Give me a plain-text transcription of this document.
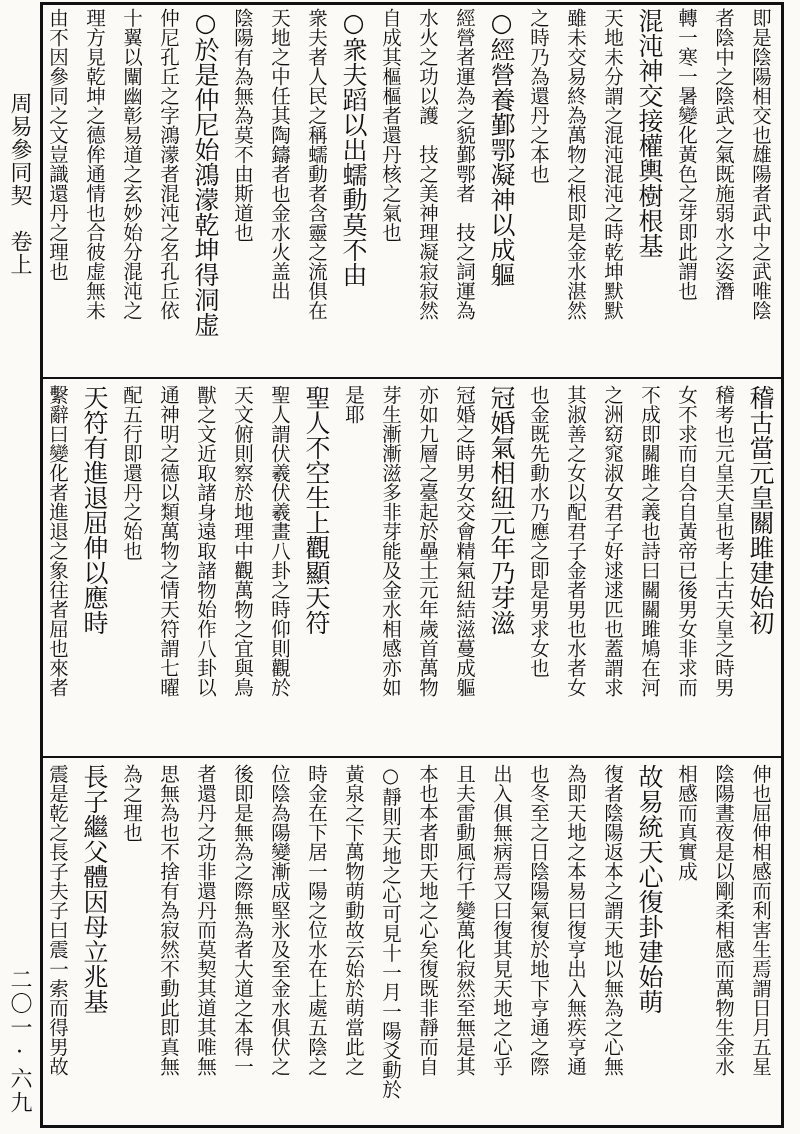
周易參同契　卷上
二〇一·六九
即是陰陽相交也雄陽者武中之武唯陰
者陰中之陰武之氣既施弱水之姿潛
轉一寒一暑變化黃色之芽即此謂也
混沌神交接權輿樹根基
天地未分謂之混沌混沌之時乾坤默默
雖未交易終為萬物之根即是金水湛然
之時乃為還丹之本也
○經營養鄞鄂凝神以成軀
經營者運為之貌鄞鄂者　技之詞運為
水火之功以護　技之美神理凝寂寂然
自成其樞樞者還丹核之氣也
○衆夫蹈以出蠕動莫不由
衆夫者人民之稱蠕動者含靈之流俱在
天地之中任其陶鑄者也金水火盖出
陰陽有為無為莫不由斯道也
○於是仲尼始鴻濛乾坤得洞虚
仲尼孔丘之字鴻濛者混沌之名孔丘依
十翼以闡幽彰易道之玄妙始分混沌之
理方見乾坤之德侔通情也合彼虚無未
由不因參同之文豈識還丹之理也
稽古當元皇關雎建始初
稽考也元皇天皇也考上古天皇之時男
女不求而自合自黃帝已後男女非求而
不成即關雎之義也詩曰關關雎鳩在河
之洲窈窕淑女君子好逑逑匹也蓋謂求
其淑善之女以配君子金者男也水者女
也金既先動水乃應之即是男求女也
冠婚氣相紐元年乃芽滋
冠婚之時男女交會精氣紐結滋蔓成軀
亦如九層之臺起於壘土元年歲首萬物
芽生漸漸滋多非芽能及金水相感亦如
是耶
聖人不空生上觀顯天符
聖人謂伏羲伏羲畫八卦之時仰則觀於
天文俯則察於地理中觀萬物之宜與鳥
獸之文近取諸身遠取諸物始作八卦以
通神明之德以類萬物之情天符謂七曜
配五行即還丹之始也
天符有進退屈伸以應時
繫辭曰變化者進退之象往者屈也來者
伸也屈伸相感而利害生焉謂日月五星
陰陽晝夜是以剛柔相感而萬物生金水
相感而真實成
故易統天心復卦建始萌
復者陰陽返本之謂天地以無為之心無
為即天地之本易曰復亨出入無疾亨通
也冬至之日陰陽氣復於地下亨通之際
出入俱無病焉又曰復其見天地之心乎
且夫雷動風行千變萬化寂然至無是其
本也本者即天地之心矣復既非靜而自
○靜則天地之心可見十一月一陽爻動於
黃泉之下萬物萌動故云始於萌當此之
時金在下居一陽之位水在上處五陰之
位陰為陽變漸成堅氷及至金水俱伏之
後即是無為之際無為者大道之本得一
者還丹之功非還丹而莫契其道其唯無
思無為也不捨有為寂然不動此即真無
為之理也
長子繼父體因母立兆基
震是乾之長子夫子曰震一索而得男故
